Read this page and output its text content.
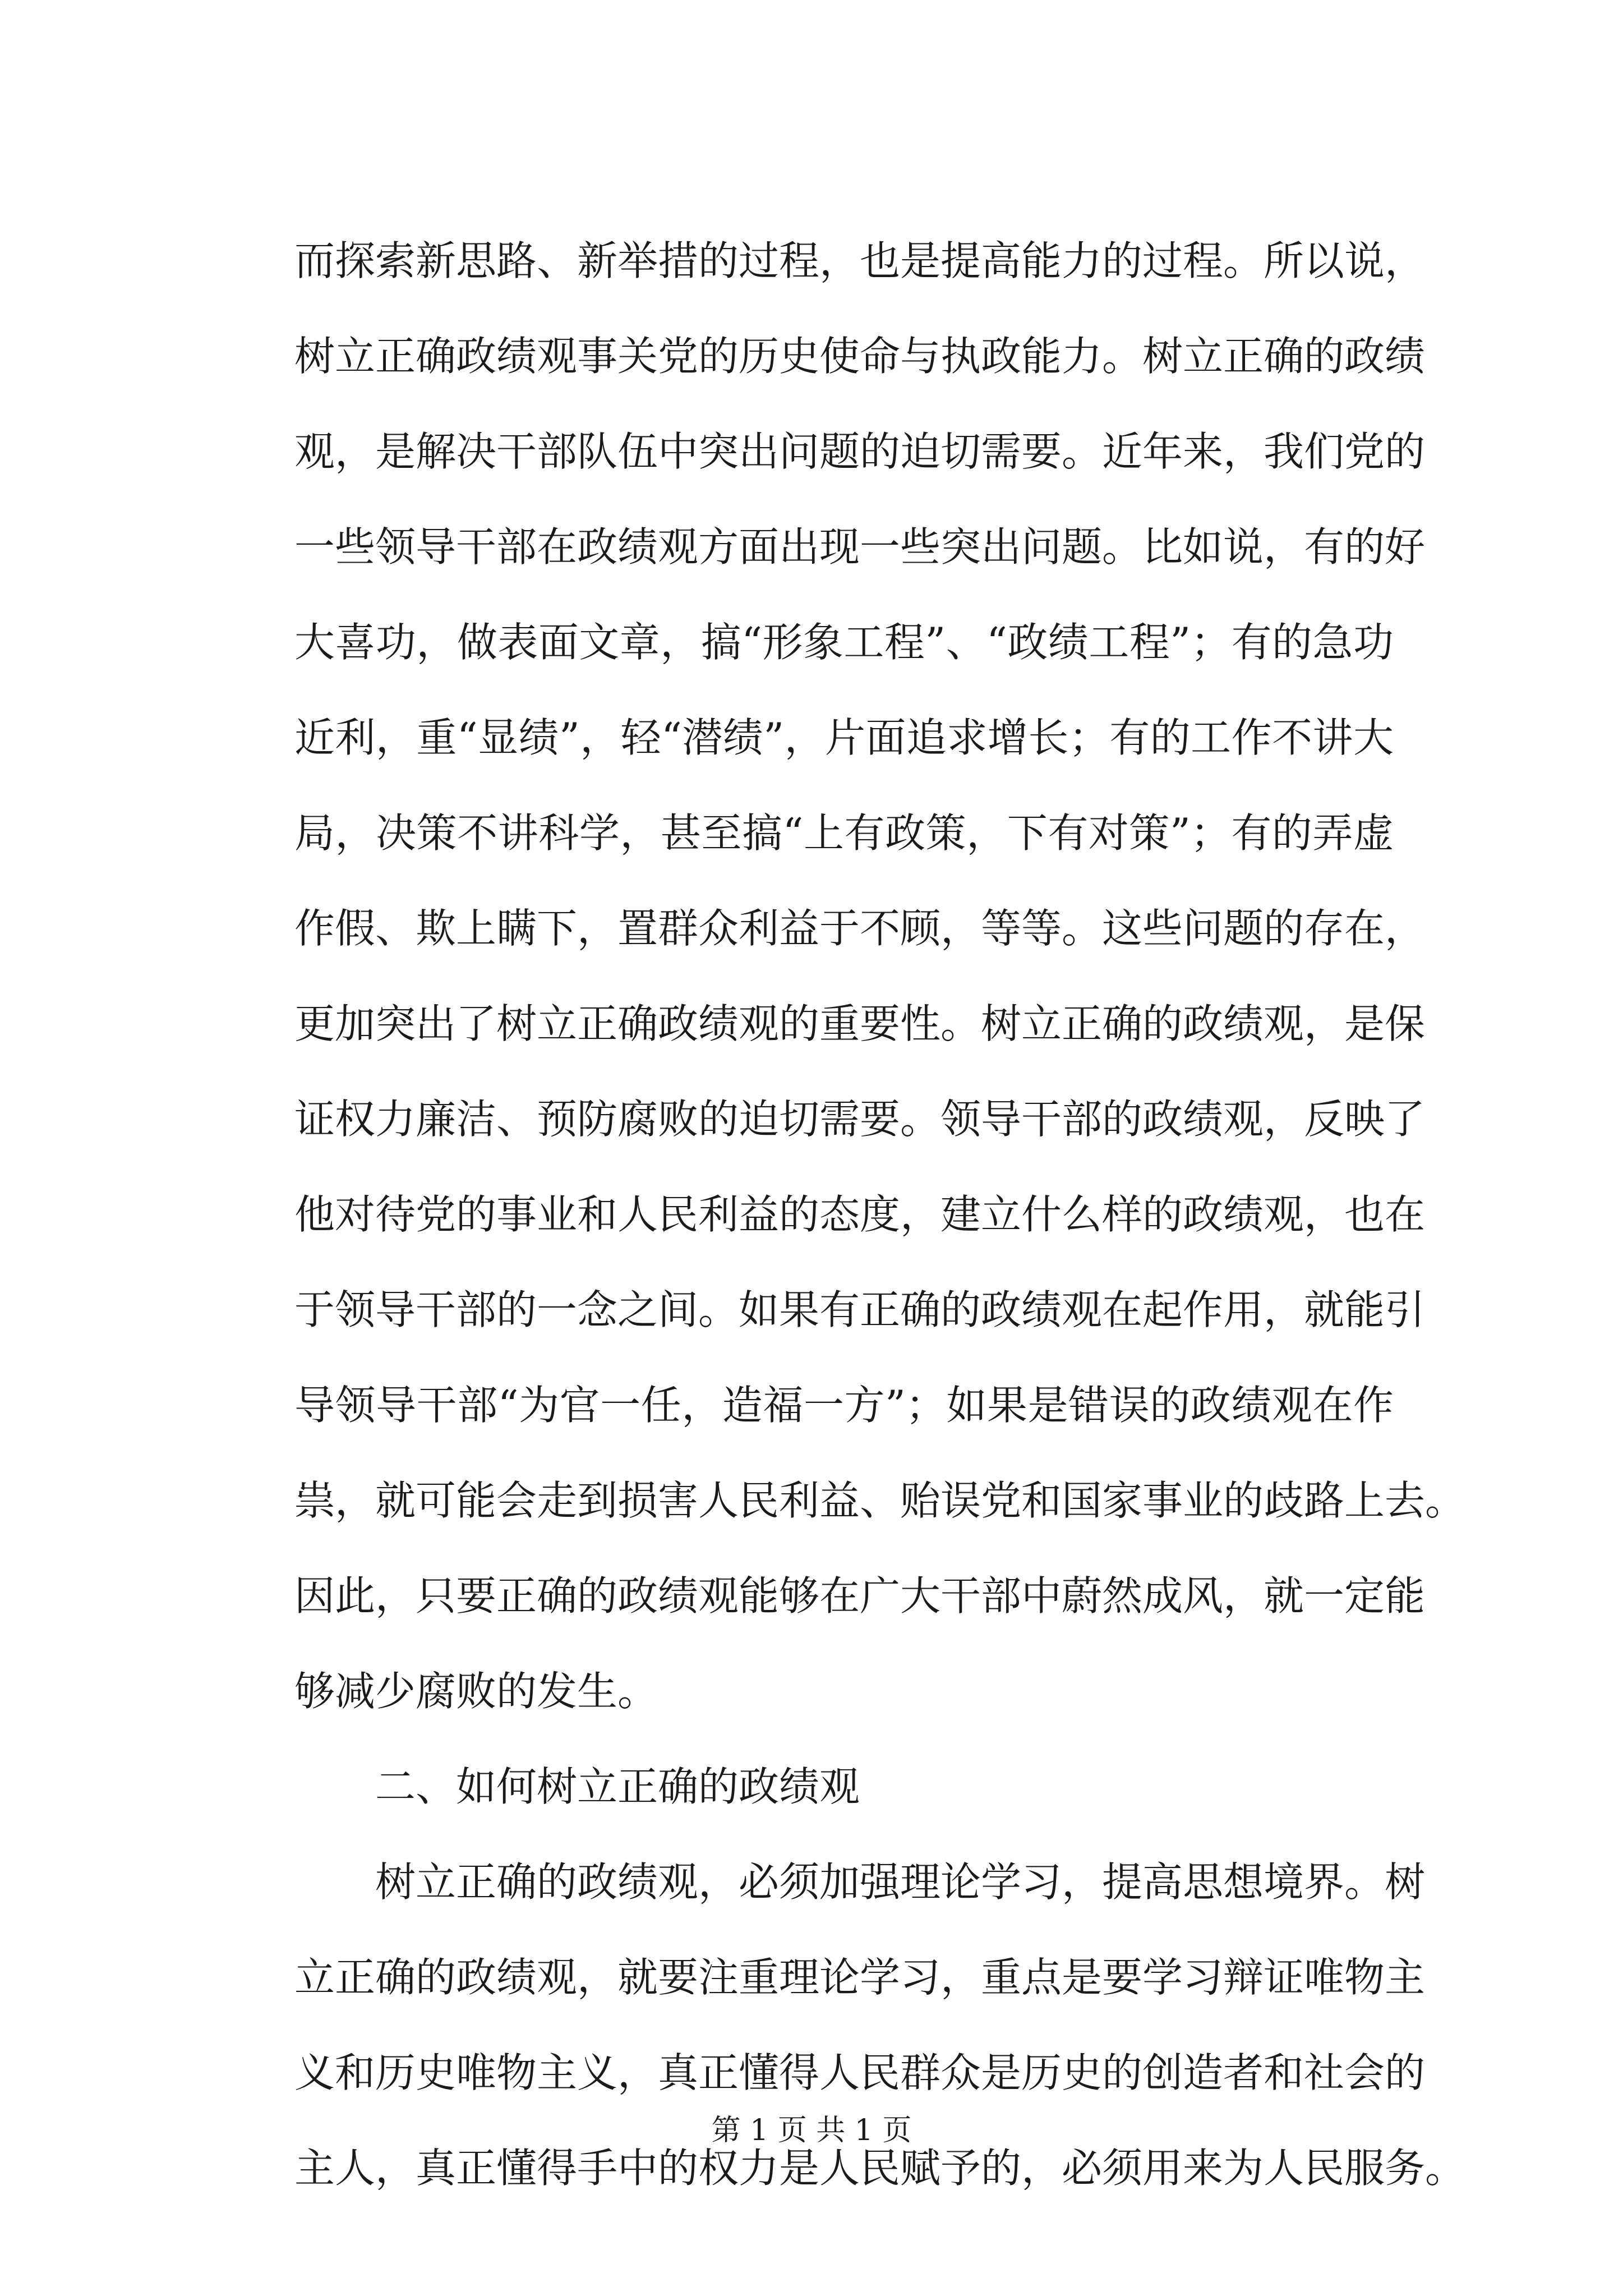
而探索新思路、新举措的过程，也是提高能力的过程。所以说，
树立正确政绩观事关党的历史使命与执政能力。树立正确的政绩
观，是解决干部队伍中突出问题的迫切需要。近年来，我们党的
一些领导干部在政绩观方面出现一些突出问题。比如说，有的好
大喜功，做表面文章，搞“形象工程”、“政绩工程”；有的急功
近利，重“显绩”，轻“潜绩”，片面追求增长；有的工作不讲大
局，决策不讲科学，甚至搞“上有政策，下有对策”；有的弄虚
作假、欺上瞒下，置群众利益于不顾，等等。这些问题的存在，
更加突出了树立正确政绩观的重要性。树立正确的政绩观，是保
证权力廉洁、预防腐败的迫切需要。领导干部的政绩观，反映了
他对待党的事业和人民利益的态度，建立什么样的政绩观，也在
于领导干部的一念之间。如果有正确的政绩观在起作用，就能引
导领导干部“为官一任，造福一方”；如果是错误的政绩观在作
祟，就可能会走到损害人民利益、贻误党和国家事业的歧路上去。
因此，只要正确的政绩观能够在广大干部中蔚然成风，就一定能
够减少腐败的发生。
二、如何树立正确的政绩观
树立正确的政绩观，必须加强理论学习，提高思想境界。树
立正确的政绩观，就要注重理论学习，重点是要学习辩证唯物主
义和历史唯物主义，真正懂得人民群众是历史的创造者和社会的
主人，真正懂得手中的权力是人民赋予的，必须用来为人民服务。
第 1 页 共 1 页
